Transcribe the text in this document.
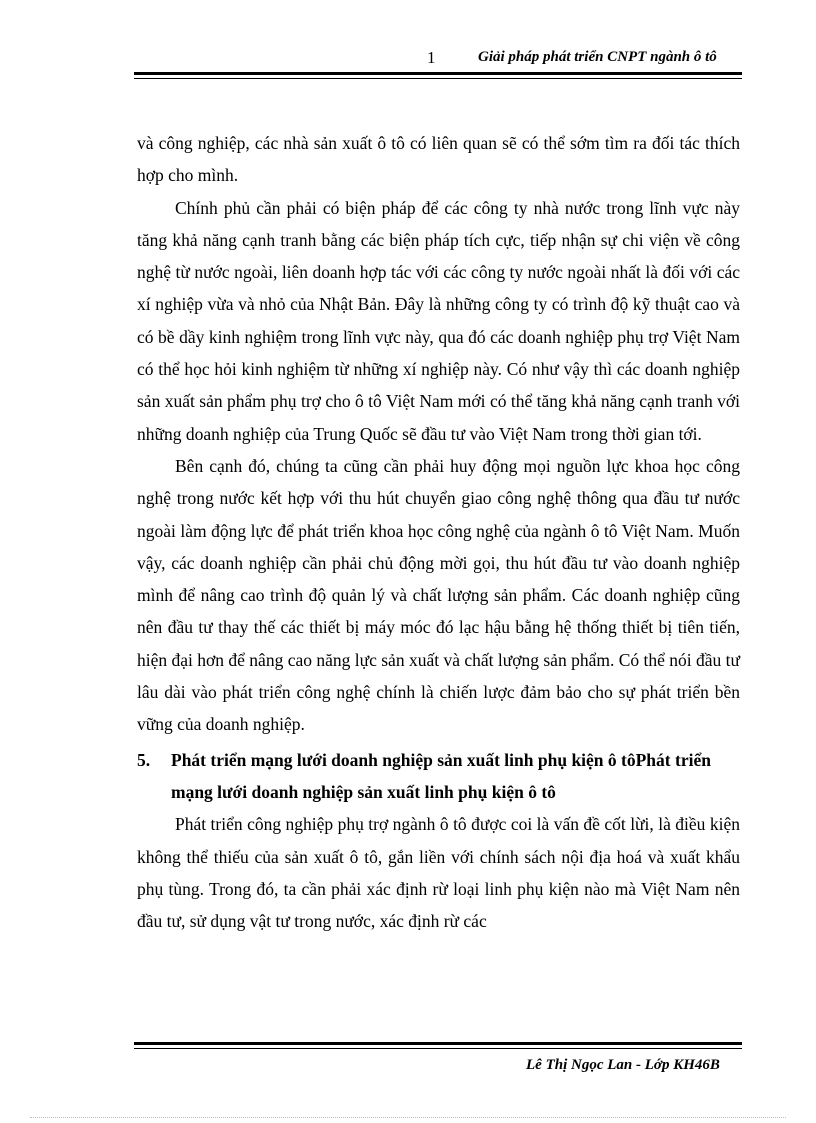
1	Giải pháp phát triển CNPT ngành ô tô

và công nghiệp, các nhà sản xuất ô tô có liên quan sẽ có thể sớm tìm ra đối tác thích hợp cho mình.

Chính phủ cần phải có biện pháp để các công ty nhà nước trong lĩnh vực này tăng khả năng cạnh tranh bằng các biện pháp tích cực, tiếp nhận sự chi viện về công nghệ từ nước ngoài, liên doanh hợp tác với các công ty nước ngoài nhất là đối với các xí nghiệp vừa và nhỏ của Nhật Bản. Đây là những công ty có trình độ kỹ thuật cao và có bề dầy kinh nghiệm trong lĩnh vực này, qua đó các doanh nghiệp phụ trợ Việt Nam có thể học hỏi kinh nghiệm từ những xí nghiệp này. Có như vậy thì các doanh nghiệp sản xuất sản phẩm phụ trợ cho ô tô Việt Nam mới có thể tăng khả năng cạnh tranh với những doanh nghiệp của Trung Quốc sẽ đầu tư vào Việt Nam trong thời gian tới.

Bên cạnh đó, chúng ta cũng cần phải huy động mọi nguồn lực khoa học công nghệ trong nước kết hợp với thu hút chuyển giao công nghệ thông qua đầu tư nước ngoài làm động lực để phát triển khoa học công nghệ của ngành ô tô Việt Nam. Muốn vậy, các doanh nghiệp cần phải chủ động mời gọi, thu hút đầu tư vào doanh nghiệp mình để nâng cao trình độ quản lý và chất lượng sản phẩm. Các doanh nghiệp cũng nên đầu tư thay thế các thiết bị máy móc đó lạc hậu bằng hệ thống thiết bị tiên tiến, hiện đại hơn để nâng cao năng lực sản xuất và chất lượng sản phẩm. Có thể nói đầu tư lâu dài vào phát triển công nghệ chính là chiến lược đảm bảo cho sự phát triển bền vững của doanh nghiệp.

5. Phát triển mạng lưới doanh nghiệp sản xuất linh phụ kiện ô tôPhát triển mạng lưới doanh nghiệp sản xuất linh phụ kiện ô tô

Phát triển công nghiệp phụ trợ ngành ô tô được coi là vấn đề cốt lừi, là điều kiện không thể thiếu của sản xuất ô tô, gắn liền với chính sách nội địa hoá và xuất khẩu phụ tùng. Trong đó, ta cần phải xác định rừ loại linh phụ kiện nào mà Việt Nam nên đầu tư, sử dụng vật tư trong nước, xác định rừ các

Lê Thị Ngọc Lan - Lớp KH46B
